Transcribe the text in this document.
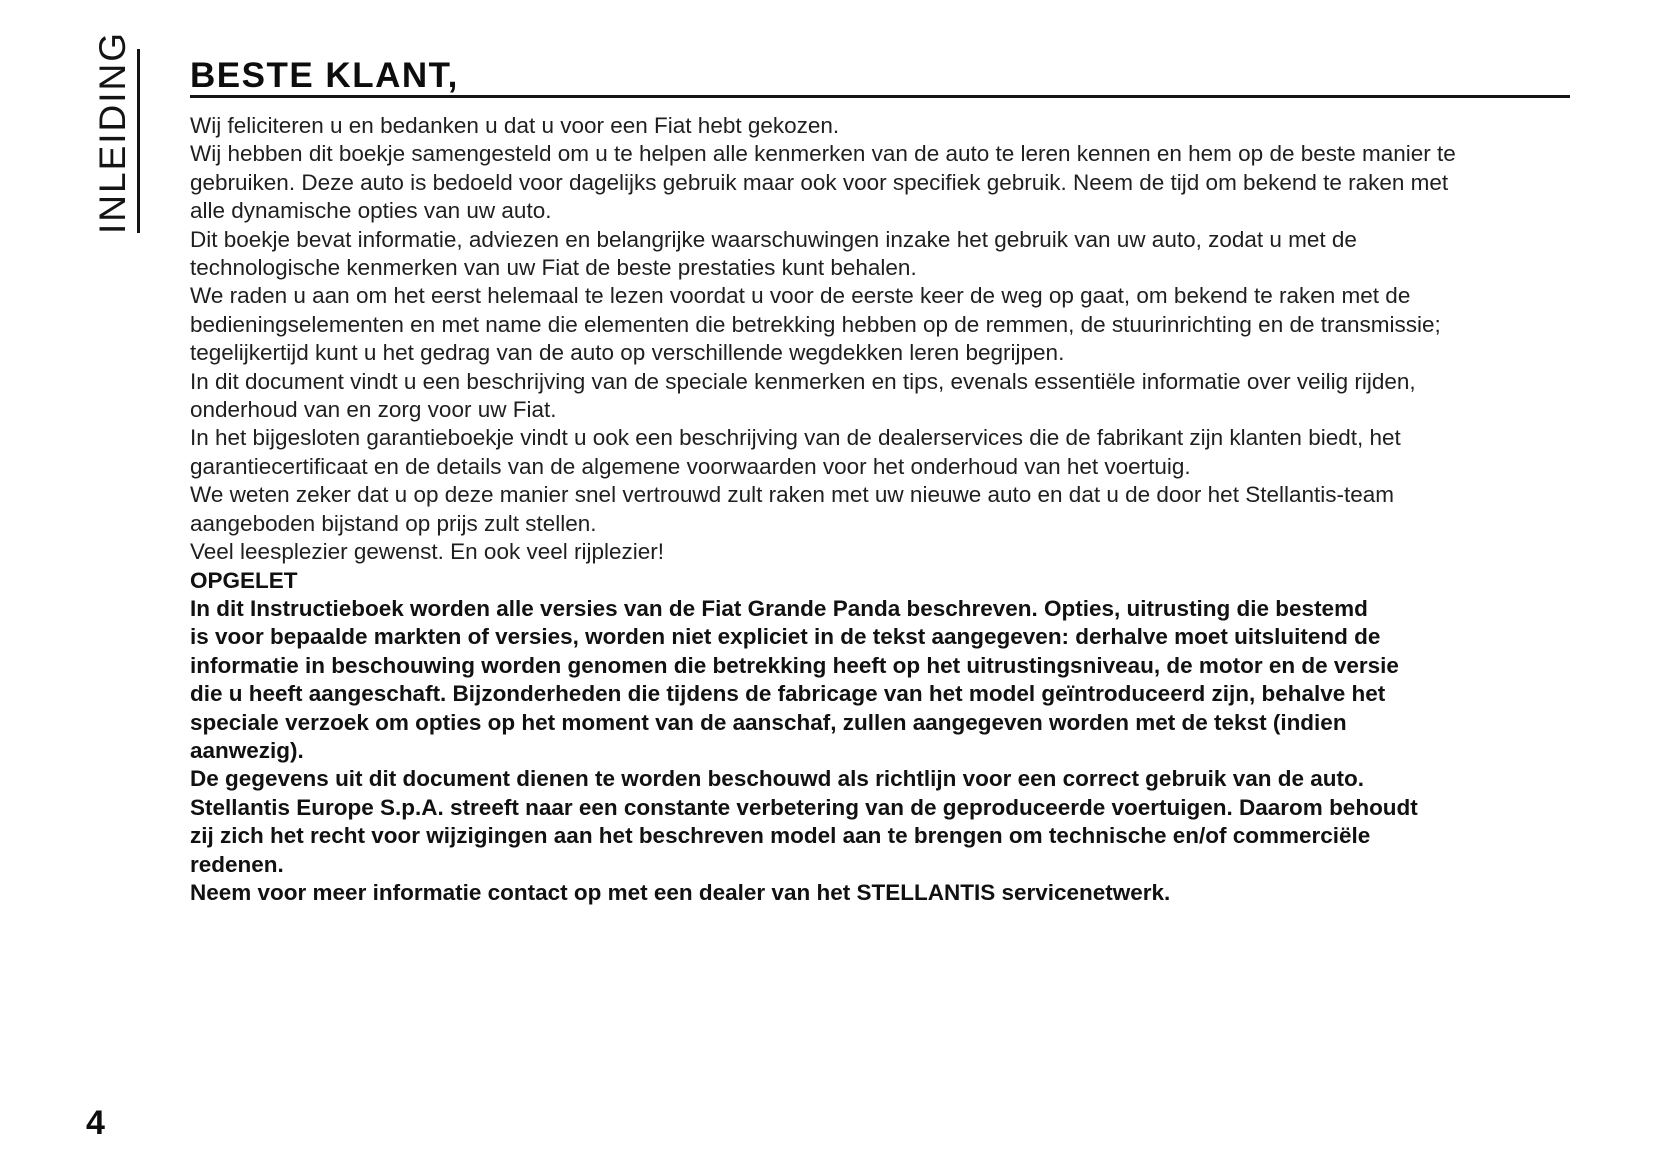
INLEIDING BESTE KLANT,
Wij feliciteren u en bedanken u dat u voor een Fiat hebt gekozen.
Wij hebben dit boekje samengesteld om u te helpen alle kenmerken van de auto te leren kennen en hem op de beste manier te
gebruiken. Deze auto is bedoeld voor dagelijks gebruik maar ook voor specifiek gebruik. Neem de tijd om bekend te raken met
alle dynamische opties van uw auto.
Dit boekje bevat informatie, adviezen en belangrijke waarschuwingen inzake het gebruik van uw auto, zodat u met de
technologische kenmerken van uw Fiat de beste prestaties kunt behalen.
We raden u aan om het eerst helemaal te lezen voordat u voor de eerste keer de weg op gaat, om bekend te raken met de
bedieningselementen en met name die elementen die betrekking hebben op de remmen, de stuurinrichting en de transmissie;
tegelijkertijd kunt u het gedrag van de auto op verschillende wegdekken leren begrijpen.
In dit document vindt u een beschrijving van de speciale kenmerken en tips, evenals essentiële informatie over veilig rijden,
onderhoud van en zorg voor uw Fiat.
In het bijgesloten garantieboekje vindt u ook een beschrijving van de dealerservices die de fabrikant zijn klanten biedt, het
garantiecertificaat en de details van de algemene voorwaarden voor het onderhoud van het voertuig.
We weten zeker dat u op deze manier snel vertrouwd zult raken met uw nieuwe auto en dat u de door het Stellantis-team
aangeboden bijstand op prijs zult stellen.
Veel leesplezier gewenst. En ook veel rijplezier!
OPGELET
In dit Instructieboek worden alle versies van de Fiat Grande Panda beschreven. Opties, uitrusting die bestemd
is voor bepaalde markten of versies, worden niet expliciet in de tekst aangegeven: derhalve moet uitsluitend de
informatie in beschouwing worden genomen die betrekking heeft op het uitrustingsniveau, de motor en de versie
die u heeft aangeschaft. Bijzonderheden die tijdens de fabricage van het model geïntroduceerd zijn, behalve het
speciale verzoek om opties op het moment van de aanschaf, zullen aangegeven worden met de tekst (indien
aanwezig).
De gegevens uit dit document dienen te worden beschouwd als richtlijn voor een correct gebruik van de auto.
Stellantis Europe S.p.A. streeft naar een constante verbetering van de geproduceerde voertuigen. Daarom behoudt
zij zich het recht voor wijzigingen aan het beschreven model aan te brengen om technische en/of commerciële
redenen.
Neem voor meer informatie contact op met een dealer van het STELLANTIS servicenetwerk.
4
